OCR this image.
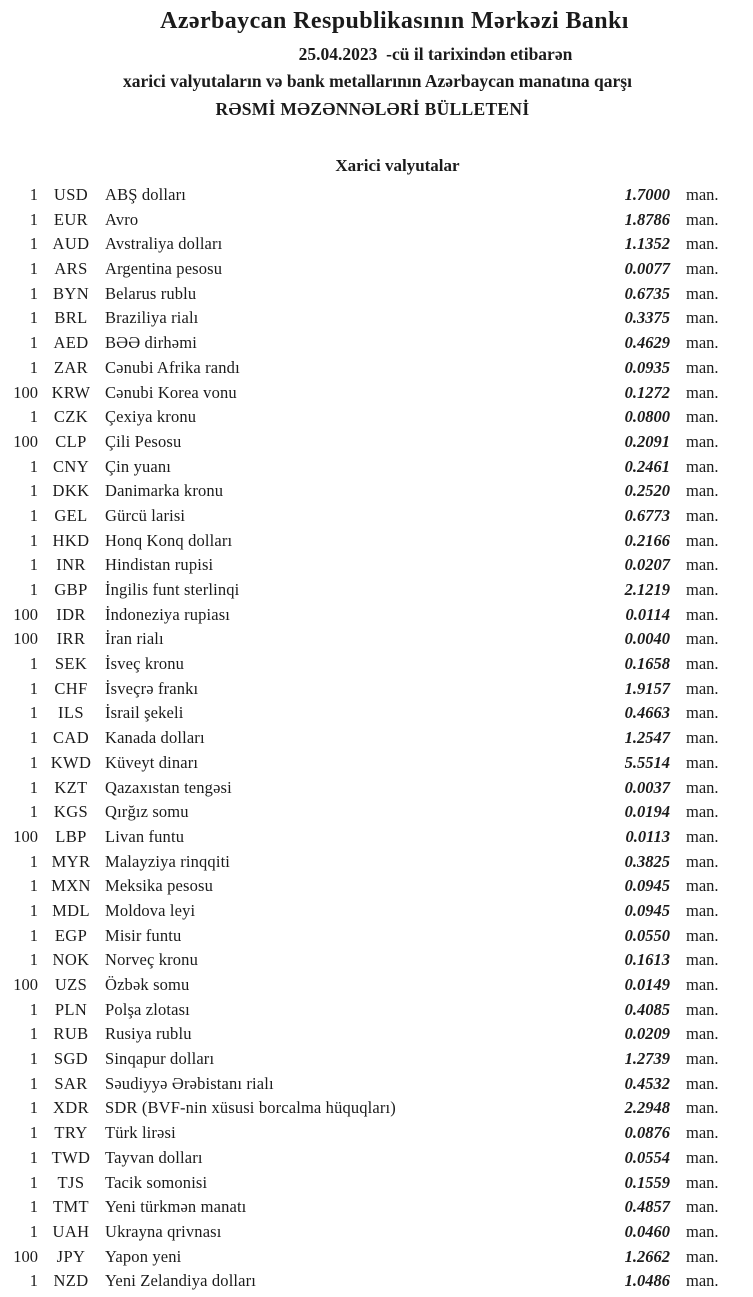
Azərbaycan Respublikasının Mərkəzi Bankı
25.04.2023  -cü il tarixindən etibarən
xarici valyutaların və bank metallarının Azərbaycan manatına qarşı
RƏSMİ MƏZƏNNƏLƏRİ BÜLLETENİ
Xarici valyutalar
1 USD	ABŞ dolları	1.7000 man.
1 EUR	Avro	1.8786 man.
1 AUD Avstraliya dolları	1.1352 man.
1 ARS	Argentina pesosu	0.0077 man.
1 BYN Belarus rublu	0.6735 man.
1 BRL	Braziliya rialı	0.3375 man.
1 AED BƏƏ dirhəmi	0.4629 man.
1 ZAR	Cənubi Afrika randı	0.0935 man.
100 KRW Cənubi Korea vonu	0.1272 man.
1 CZK	Çexiya kronu	0.0800 man.
100	CLP	Çili Pesosu	0.2091 man.
1 CNY Çin yuanı	0.2461 man.
1 DKK Danimarka kronu	0.2520 man.
1 GEL	Gürcü larisi	0.6773 man.
1 HKD Honq Konq dolları	0.2166 man.
1	INR	Hindistan rupisi	0.0207 man.
1 GBP	İngilis funt sterlinqi	2.1219 man.
100	IDR	İndoneziya rupiası	0.0114 man.
100	IRR	İran rialı	0.0040 man.
1	SEK	İsveç kronu	0.1658 man.
1 CHF	İsveçrə frankı	1.9157 man.
1	ILS	İsrail şekeli	0.4663 man.
1 CAD Kanada dolları	1.2547 man.
1 KWD Küveyt dinarı	5.5514 man.
1 KZT	Qazaxıstan tengəsi	0.0037 man.
1 KGS	Qırğız somu	0.0194 man.
100	LBP	Livan funtu	0.0113 man.
1 MYR Malayziya rinqqiti	0.3825 man.
1 MXN Meksika pesosu	0.0945 man.
1 MDL Moldova leyi	0.0945 man.
1	EGP	Misir funtu	0.0550 man.
1 NOK Norveç kronu	0.1613 man.
100	UZS	Özbək somu	0.0149 man.
1	PLN	Polşa zlotası	0.4085 man.
1 RUB Rusiya rublu	0.0209 man.
1 SGD	Sinqapur dolları	1.2739 man.
1 SAR	Səudiyyə Ərəbistanı rialı	0.4532 man.
1 XDR SDR (BVF-nin xüsusi borcalma hüquqları)	2.2948 man.
1 TRY	Türk lirəsi	0.0876 man.
1 TWD Tayvan dolları	0.0554 man.
1	TJS	Tacik somonisi	0.1559 man.
1 TMT Yeni türkmən manatı	0.4857 man.
1 UAH Ukrayna qrivnası	0.0460 man.
100	JPY	Yapon yeni	1.2662 man.
1 NZD Yeni Zelandiya dolları	1.0486 man.
